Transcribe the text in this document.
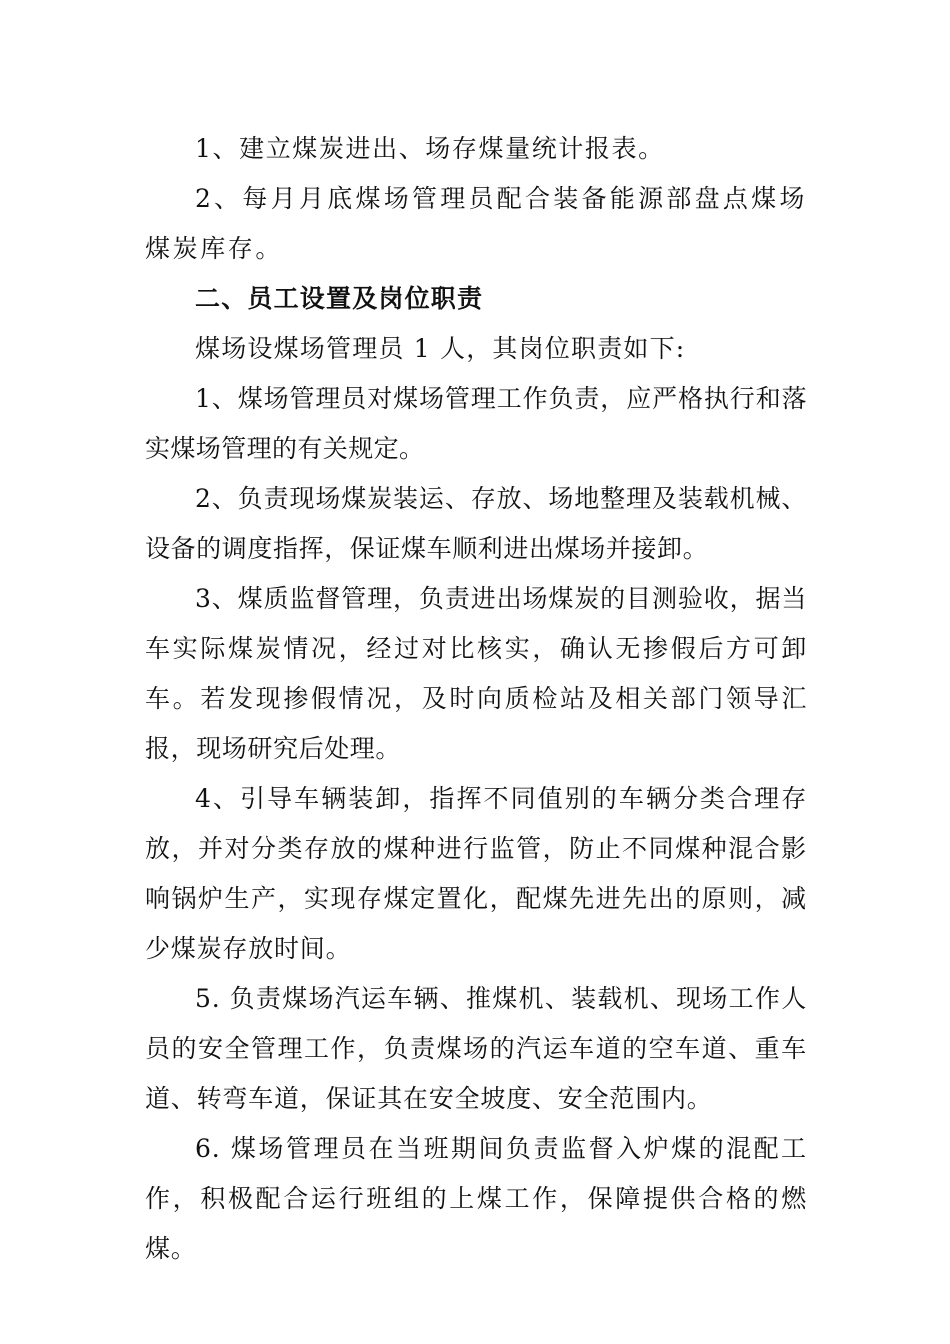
1、建立煤炭进出、场存煤量统计报表。

2、每月月底煤场管理员配合装备能源部盘点煤场煤炭库存。

二、员工设置及岗位职责

煤场设煤场管理员 1 人，其岗位职责如下:

1、煤场管理员对煤场管理工作负责，应严格执行和落实煤场管理的有关规定。

2、负责现场煤炭装运、存放、场地整理及装载机械、设备的调度指挥，保证煤车顺利进出煤场并接卸。

3、煤质监督管理，负责进出场煤炭的目测验收，据当车实际煤炭情况，经过对比核实，确认无掺假后方可卸车。若发现掺假情况，及时向质检站及相关部门领导汇报，现场研究后处理。

4、引导车辆装卸，指挥不同值别的车辆分类合理存放，并对分类存放的煤种进行监管，防止不同煤种混合影响锅炉生产，实现存煤定置化，配煤先进先出的原则，减少煤炭存放时间。

5. 负责煤场汽运车辆、推煤机、装载机、现场工作人员的安全管理工作，负责煤场的汽运车道的空车道、重车道、转弯车道，保证其在安全坡度、安全范围内。

6. 煤场管理员在当班期间负责监督入炉煤的混配工作，积极配合运行班组的上煤工作，保障提供合格的燃煤。
